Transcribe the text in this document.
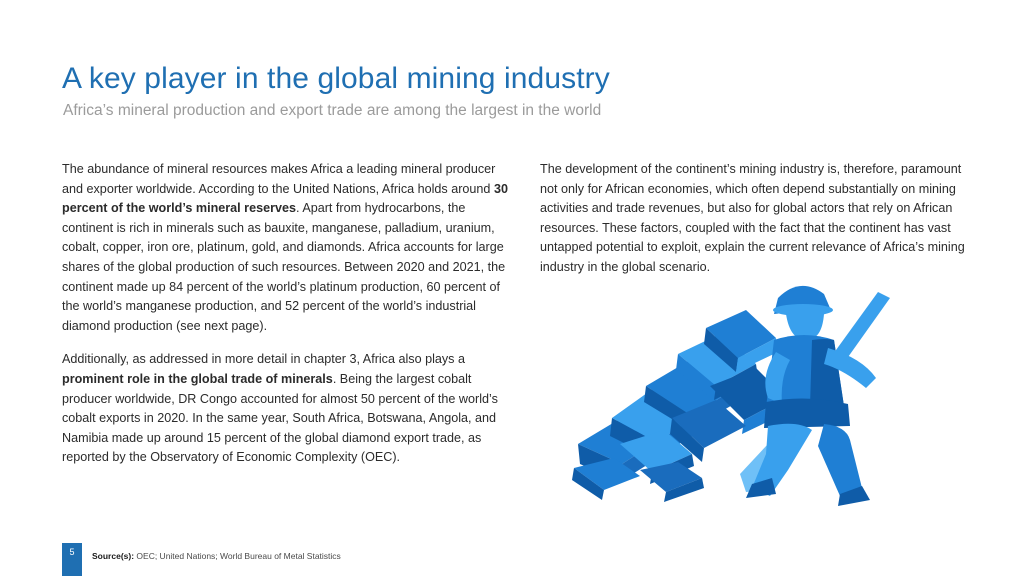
A key player in the global mining industry
Africa’s mineral production and export trade are among the largest in the world

The abundance of mineral resources makes Africa a leading mineral producer and exporter worldwide. According to the United Nations, Africa holds around 30 percent of the world’s mineral reserves. Apart from hydrocarbons, the continent is rich in minerals such as bauxite, manganese, palladium, uranium, cobalt, copper, iron ore, platinum, gold, and diamonds. Africa accounts for large shares of the global production of such resources. Between 2020 and 2021, the continent made up 84 percent of the world’s platinum production, 60 percent of the world’s manganese production, and 52 percent of the world’s industrial diamond production (see next page).

Additionally, as addressed in more detail in chapter 3, Africa also plays a prominent role in the global trade of minerals. Being the largest cobalt producer worldwide, DR Congo accounted for almost 50 percent of the world’s cobalt exports in 2020. In the same year, South Africa, Botswana, Angola, and Namibia made up around 15 percent of the global diamond export trade, as reported by the Observatory of Economic Complexity (OEC).

The development of the continent’s mining industry is, therefore, paramount not only for African economies, which often depend substantially on mining activities and trade revenues, but also for global actors that rely on African resources. These factors, coupled with the fact that the continent has vast untapped potential to exploit, explain the current relevance of Africa’s mining industry in the global scenario.

5	Source(s): OEC; United Nations; World Bureau of Metal Statistics
